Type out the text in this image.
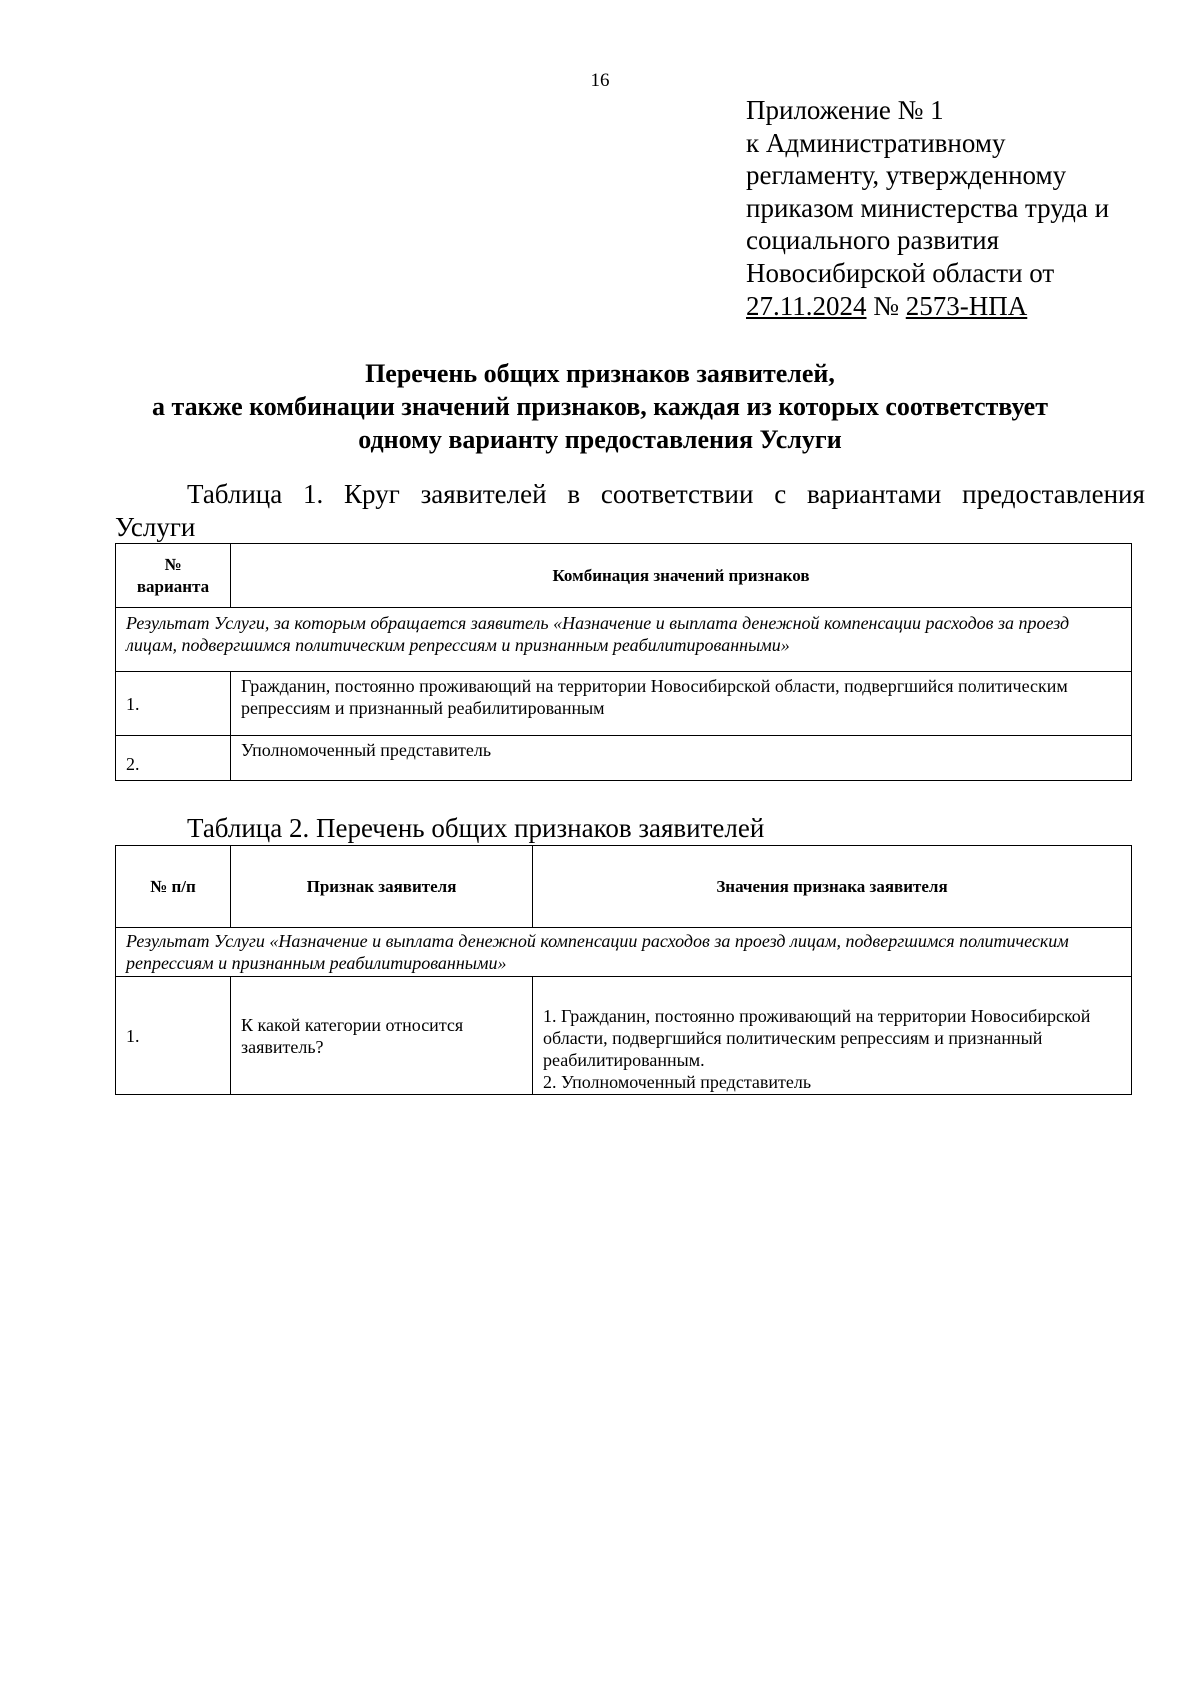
16
Приложение № 1
к Административному
регламенту, утвержденному
приказом министерства труда и
социального развития
Новосибирской области от
27.11.2024 № 2573-НПА
Перечень общих признаков заявителей,
а также комбинации значений признаков, каждая из которых соответствует
одному варианту предоставления Услуги
Таблица 1. Круг заявителей в соответствии с вариантами предоставления
Услуги
№
варианта	Комбинация значений признаков
Результат Услуги, за которым обращается заявитель «Назначение и выплата денежной компенсации расходов за проезд лицам, подвергшимся политическим репрессиям и признанным реабилитированными»	
1.	Гражданин, постоянно проживающий на территории Новосибирской области, подвергшийся политическим репрессиям и признанный реабилитированным
2.	Уполномоченный представитель
Таблица 2. Перечень общих признаков заявителей
№ п/п	Признак заявителя	Значения признака заявителя
Результат Услуги «Назначение и выплата денежной компенсации расходов за проезд лицам, подвергшимся политическим репрессиям и признанным реабилитированными»		
1.	К какой категории относится заявитель?	1. Гражданин, постоянно проживающий на территории Новосибирской области, подвергшийся политическим репрессиям и признанный реабилитированным.
2. Уполномоченный представитель
